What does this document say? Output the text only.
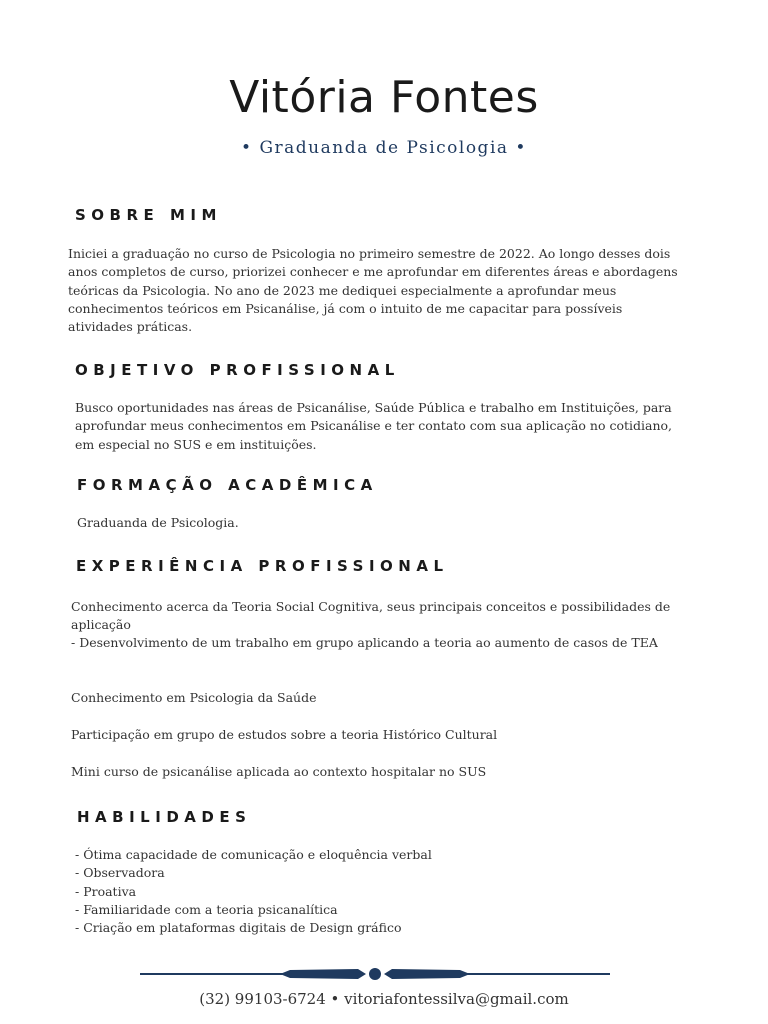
Vitória Fontes
• Graduanda de Psicologia •
SOBRE MIM

Iniciei a graduação no curso de Psicologia no primeiro semestre de 2022. Ao longo desses dois anos completos de curso, priorizei conhecer e me aprofundar em diferentes áreas e abordagens teóricas da Psicologia. No ano de 2023 me dediquei especialmente a aprofundar meus conhecimentos teóricos em Psicanálise, já com o intuito de me capacitar para possíveis atividades práticas.

OBJETIVO PROFISSIONAL

Busco oportunidades nas áreas de Psicanálise, Saúde Pública e trabalho em Instituições, para aprofundar meus conhecimentos em Psicanálise e ter contato com sua aplicação no cotidiano, em especial no SUS e em instituições.

FORMAÇÃO ACADÊMICA

Graduanda de Psicologia.

EXPERIÊNCIA PROFISSIONAL

Conhecimento acerca da Teoria Social Cognitiva, seus principais conceitos e possibilidades de aplicação

- Desenvolvimento de um trabalho em grupo aplicando a teoria ao aumento de casos de TEA

Conhecimento em Psicologia da Saúde

Participação em grupo de estudos sobre a teoria Histórico Cultural

Mini curso de psicanálise aplicada ao contexto hospitalar no SUS

HABILIDADES
- Ótima capacidade de comunicação e eloquência verbal
- Observadora
- Proativa
- Familiaridade com a teoria psicanalítica
- Criação em plataformas digitais de Design gráfico
(32) 99103-6724 • vitoriafontessilva@gmail.com
